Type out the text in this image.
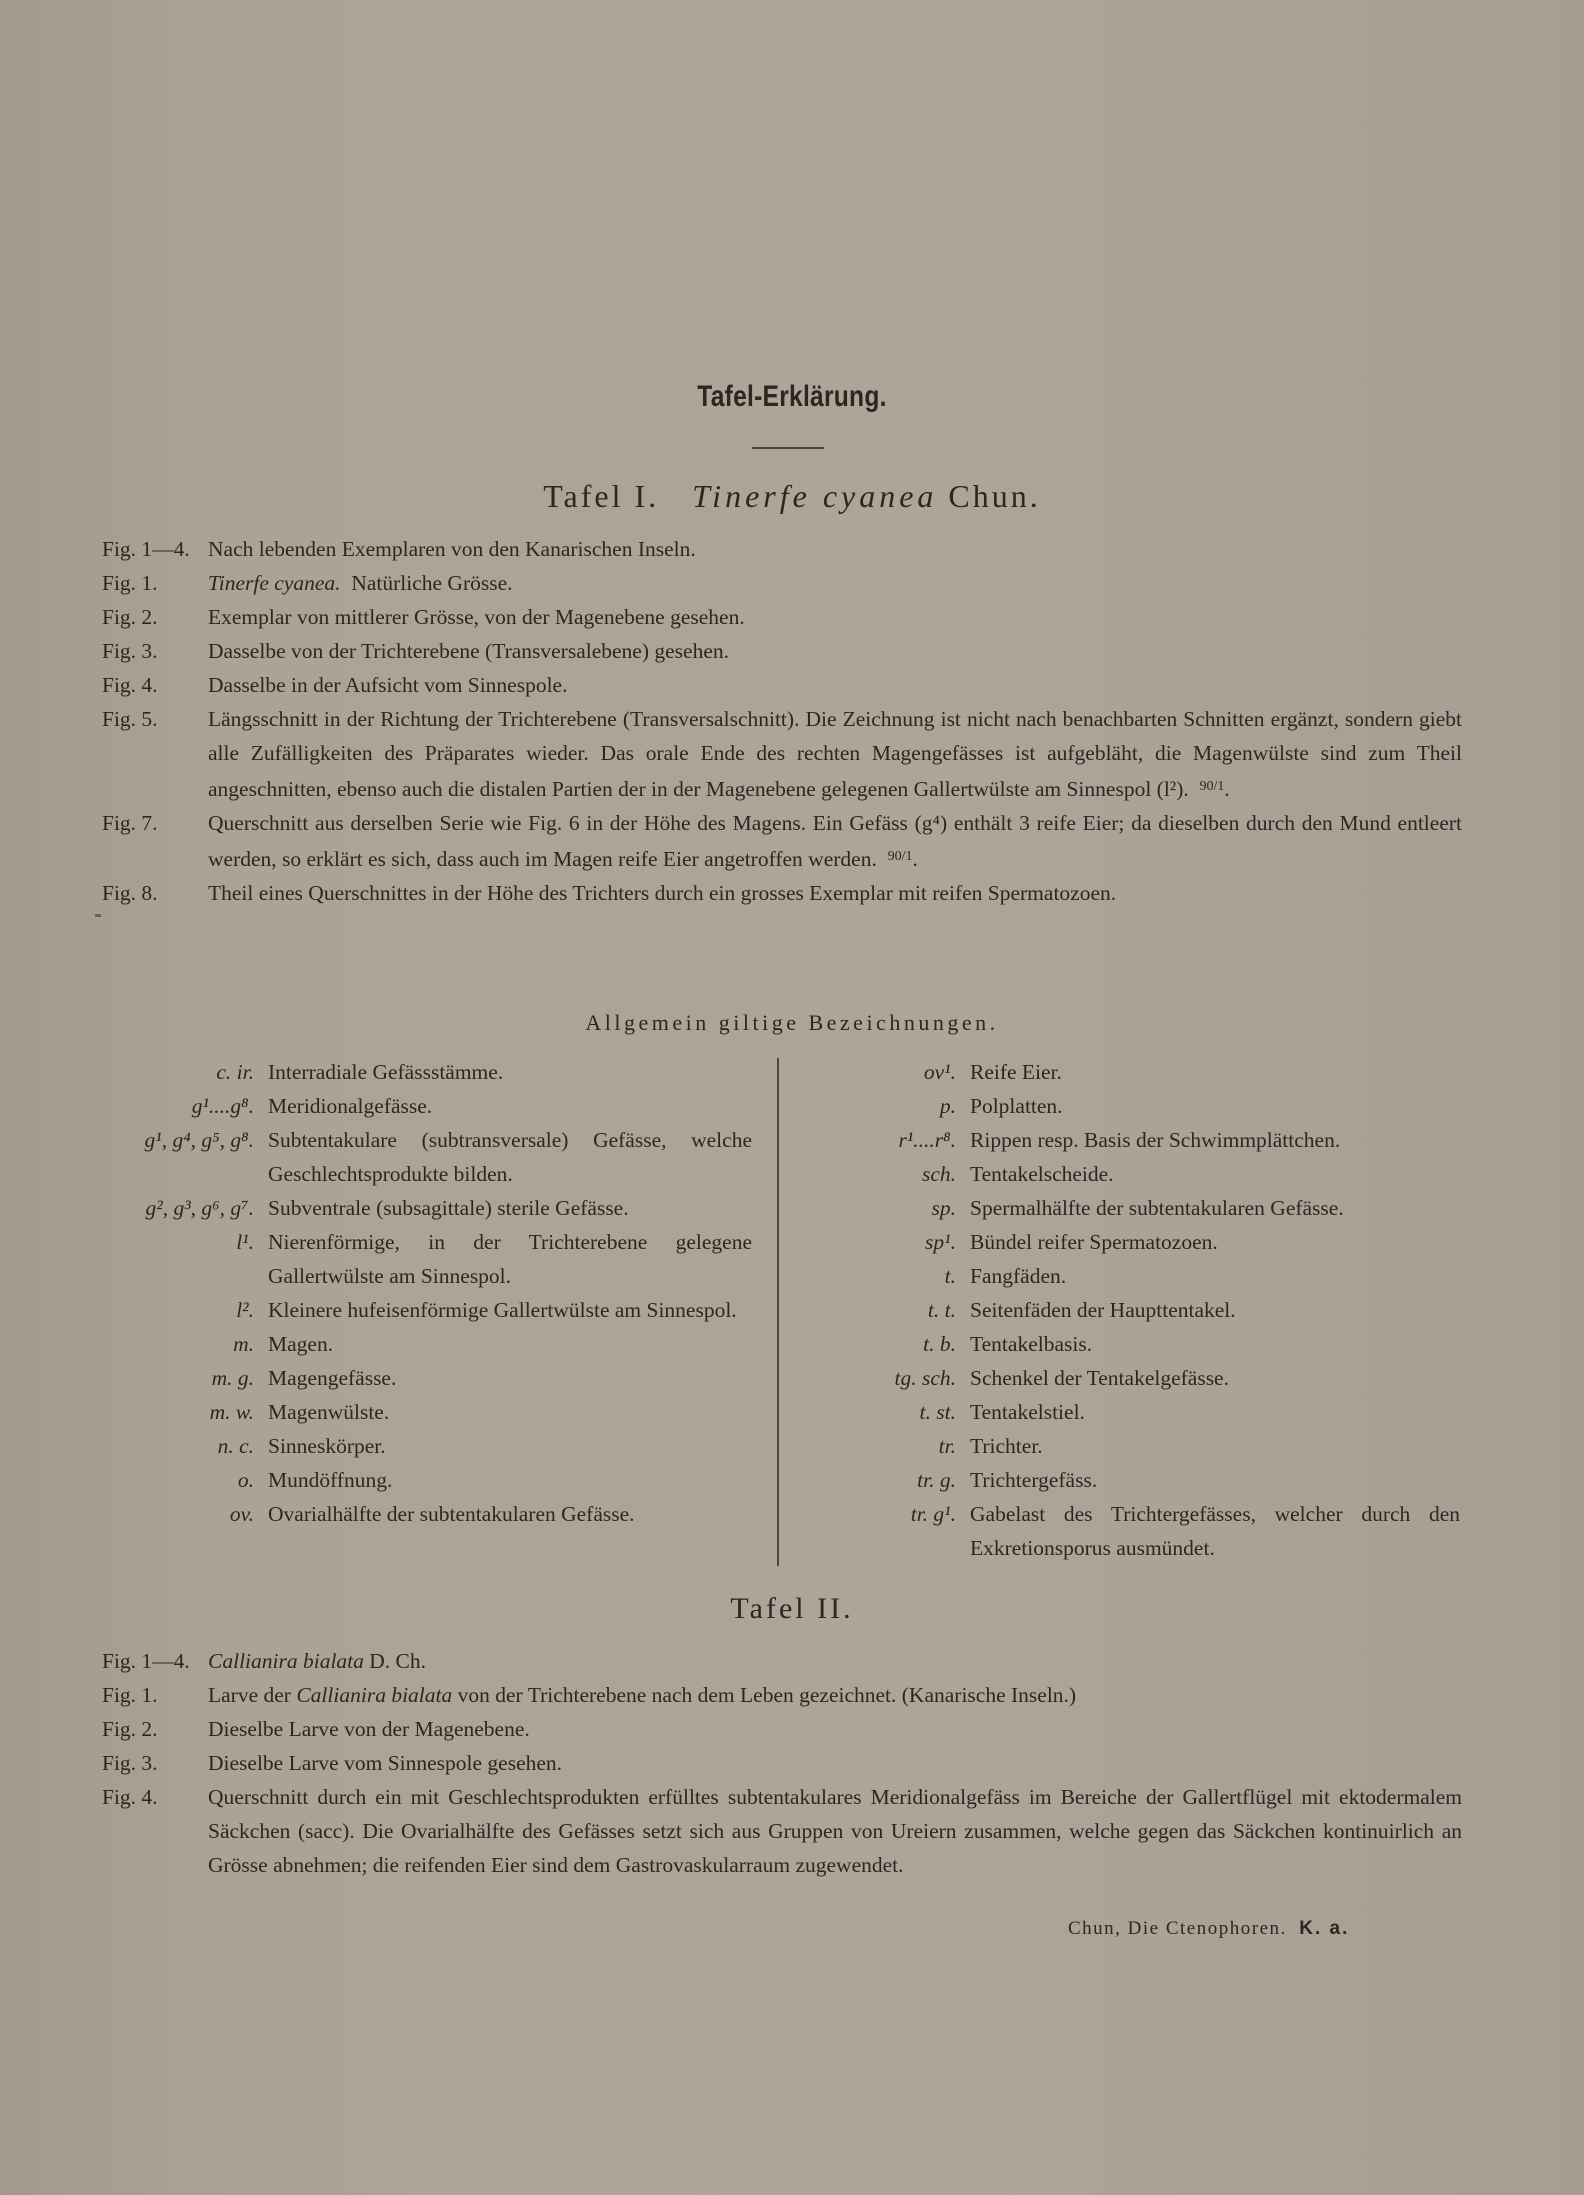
Tafel-Erklärung.
Tafel I. Tinerfe cyanea Chun.
Fig. 1—4. Nach lebenden Exemplaren von den Kanarischen Inseln.
Fig. 1.	Tinerfe cyanea. Natürliche Grösse.
Fig. 2.	Exemplar von mittlerer Grösse, von der Magenebene gesehen.
Fig. 3.	Dasselbe von der Trichterebene (Transversalebene) gesehen.
Fig. 4.	Dasselbe in der Aufsicht vom Sinnespole.
Fig. 5.	Längsschnitt in der Richtung der Trichterebene (Transversalschnitt). Die Zeichnung ist nicht nach benachbarten Schnitten ergänzt, sondern giebt alle Zufälligkeiten des Präparates wieder. Das orale Ende des rechten Magengefässes ist aufgebläht, die Magenwülste sind zum Theil angeschnitten, ebenso auch die distalen Partien der in der Magenebene gelegenen Gallertwülste am Sinnespol (l²). $^{90/1}$.
Fig. 7.	Querschnitt aus derselben Serie wie Fig. 6 in der Höhe des Magens. Ein Gefäss (g⁴) enthält 3 reife Eier; da dieselben durch den Mund entleert werden, so erklärt es sich, dass auch im Magen reife Eier angetroffen werden. $^{90/1}$.
Fig. 8.	Theil eines Querschnittes in der Höhe des Trichters durch ein grosses Exemplar mit reifen Spermatozoen.
Allgemein giltige Bezeichnungen.
c. ir. Interradiale Gefässstämme.
g¹....g⁸. Meridionalgefässe.
g¹, g⁴, g⁵, g⁸. Subtentakulare (subtransversale) Gefässe, welche Geschlechtsprodukte bilden.
g², g³, g⁶, g⁷. Subventrale (subsagittale) sterile Gefässe.
l¹. Nierenförmige, in der Trichterebene gelegene Gallertwülste am Sinnespol.
l². Kleinere hufeisenförmige Gallertwülste am Sinnespol.
m. Magen.
m. g. Magengefässe.
m. w. Magenwülste.
n. c. Sinneskörper.
o. Mundöffnung.
ov. Ovarialhälfte der subtentakularen Gefässe.
ov¹. Reife Eier.
p. Polplatten.
r¹....r⁸. Rippen resp. Basis der Schwimmplättchen.
sch. Tentakelscheide.
sp. Spermalhälfte der subtentakularen Gefässe.
sp¹. Bündel reifer Spermatozoen.
t. Fangfäden.
t. t. Seitenfäden der Haupttentakel.
t. b. Tentakelbasis.
tg. sch. Schenkel der Tentakelgefässe.
t. st. Tentakelstiel.
tr. Trichter.
tr. g. Trichtergefäss.
tr. g¹. Gabelast des Trichtergefässes, welcher durch den Exkretionsporus ausmündet.
Tafel II.
Fig. 1—4. Callianira bialata D. Ch.
Fig. 1.	Larve der Callianira bialata von der Trichterebene nach dem Leben gezeichnet. (Kanarische Inseln.)
Fig. 2.	Dieselbe Larve von der Magenebene.
Fig. 3.	Dieselbe Larve vom Sinnespole gesehen.
Fig. 4.	Querschnitt durch ein mit Geschlechtsprodukten erfülltes subtentakulares Meridionalgefäss im Bereiche der Gallertflügel mit ektodermalem Säckchen (sacc). Die Ovarialhälfte des Gefässes setzt sich aus Gruppen von Ureiern zusammen, welche gegen das Säckchen kontinuirlich an Grösse abnehmen; die reifenden Eier sind dem Gastrovaskularraum zugewendet.
Chun, Die Ctenophoren. K. a.
